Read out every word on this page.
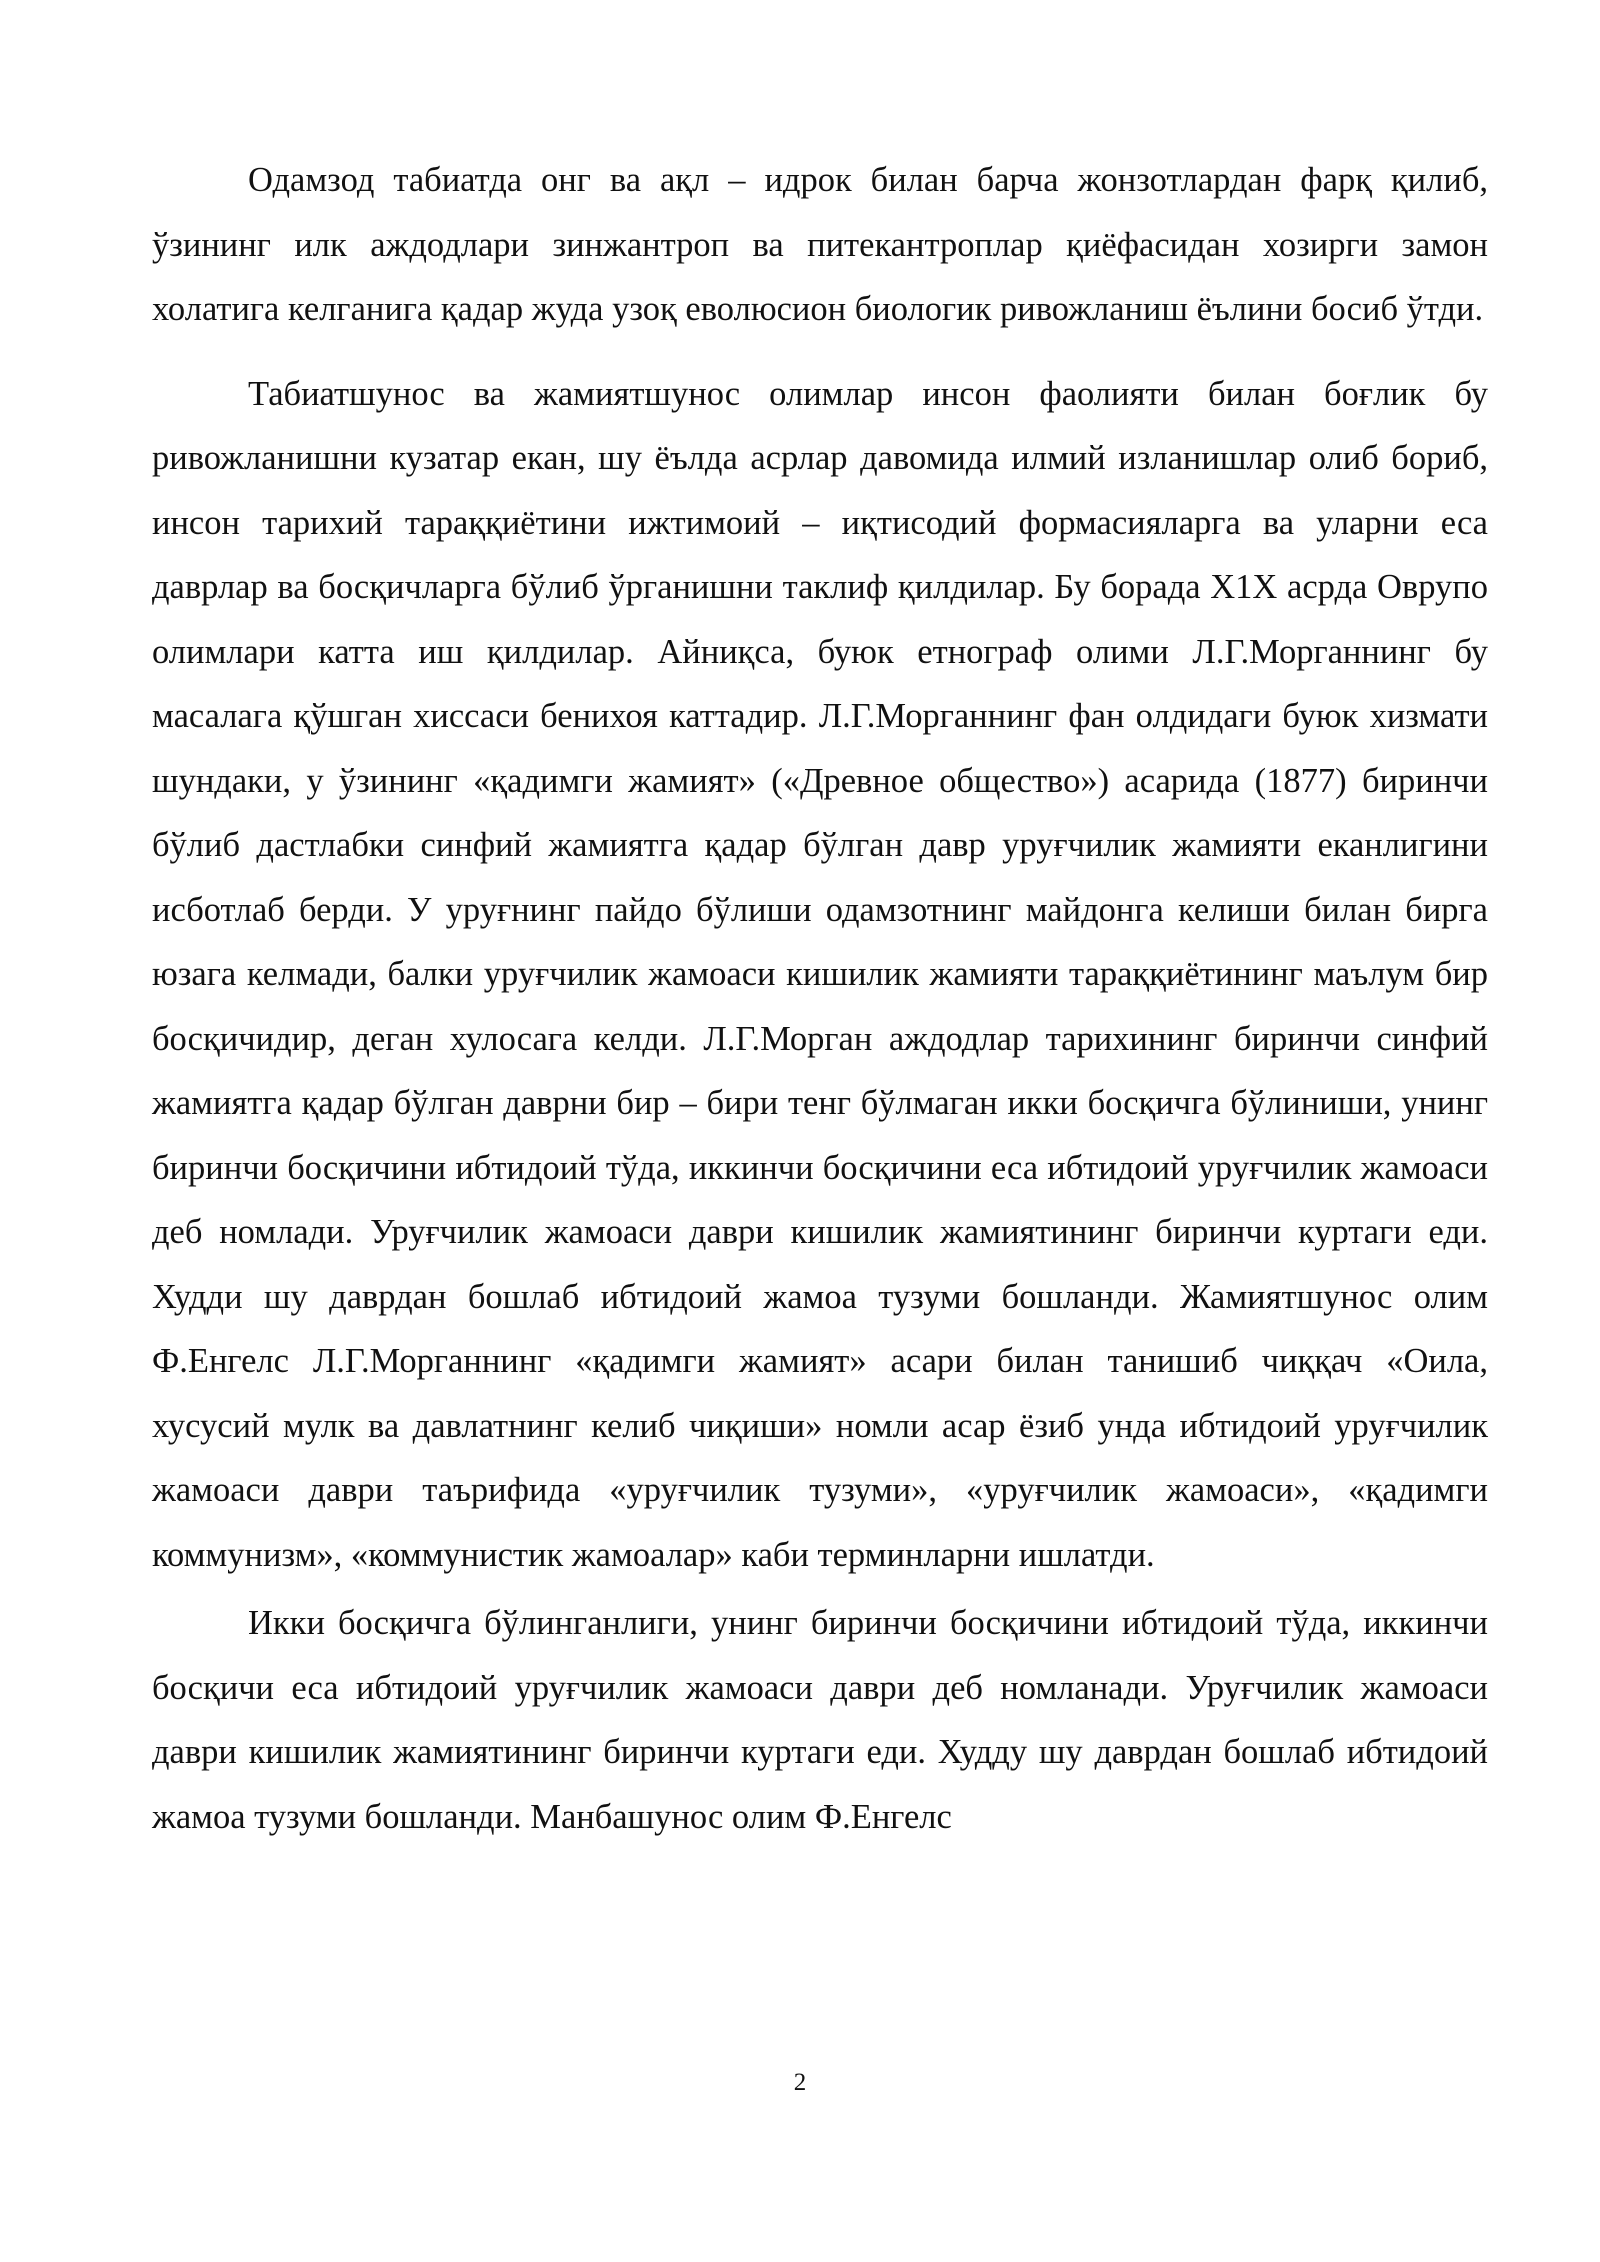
Одамзод табиатда онг ва ақл – идрок билан барча жонзотлардан фарқ қилиб, ўзининг илк аждодлари зинжантроп ва питекантроплар қиёфасидан хозирги замон холатига келганига қадар жуда узоқ еволюсион биологик ривожланиш ёълини босиб ўтди.

Табиатшунос ва жамиятшунос олимлар инсон фаолияти билан боғлик бу ривожланишни кузатар екан, шу ёълда асрлар давомида илмий изланишлар олиб бориб, инсон тарихий тараққиётини ижтимоий – иқтисодий формасияларга ва уларни еса даврлар ва босқичларга бўлиб ўрганишни таклиф қилдилар. Бу борада X1X асрда Оврупо олимлари катта иш қилдилар. Айниқса, буюк етнограф олими Л.Г.Морганнинг бу масалага қўшган хиссаси бенихоя каттадир. Л.Г.Морганнинг фан олдидаги буюк хизмати шундаки, у ўзининг «қадимги жамият» («Древное общество») асарида (1877) биринчи бўлиб дастлабки синфий жамиятга қадар бўлган давр уруғчилик жамияти еканлигини исботлаб берди. У уруғнинг пайдо бўлиши одамзотнинг майдонга келиши билан бирга юзага келмади, балки уруғчилик жамоаси кишилик жамияти тараққиётининг маълум бир босқичидир, деган хулосага келди. Л.Г.Морган аждодлар тарихининг биринчи синфий жамиятга қадар бўлган даврни бир – бири тенг бўлмаган икки босқичга бўлиниши, унинг биринчи босқичини ибтидоий тўда, иккинчи босқичини еса ибтидоий уруғчилик жамоаси деб номлади. Уруғчилик жамоаси даври кишилик жамиятининг биринчи куртаги еди. Худди шу даврдан бошлаб ибтидоий жамоа тузуми бошланди. Жамиятшунос олим Ф.Енгелс Л.Г.Морганнинг «қадимги жамият» асари билан танишиб чиққач «Оила, хусусий мулк ва давлатнинг келиб чиқиши» номли асар ёзиб унда ибтидоий уруғчилик жамоаси даври таърифида «уруғчилик тузуми», «уруғчилик жамоаси», «қадимги коммунизм», «коммунистик жамоалар» каби терминларни ишлатди.

Икки босқичга бўлинганлиги, унинг биринчи босқичини ибтидоий тўда, иккинчи босқичи еса ибтидоий уруғчилик жамоаси даври деб номланади. Уруғчилик жамоаси даври кишилик жамиятининг биринчи куртаги еди. Худду шу даврдан бошлаб ибтидоий жамоа тузуми бошланди. Манбашунос олим Ф.Енгелс

2
